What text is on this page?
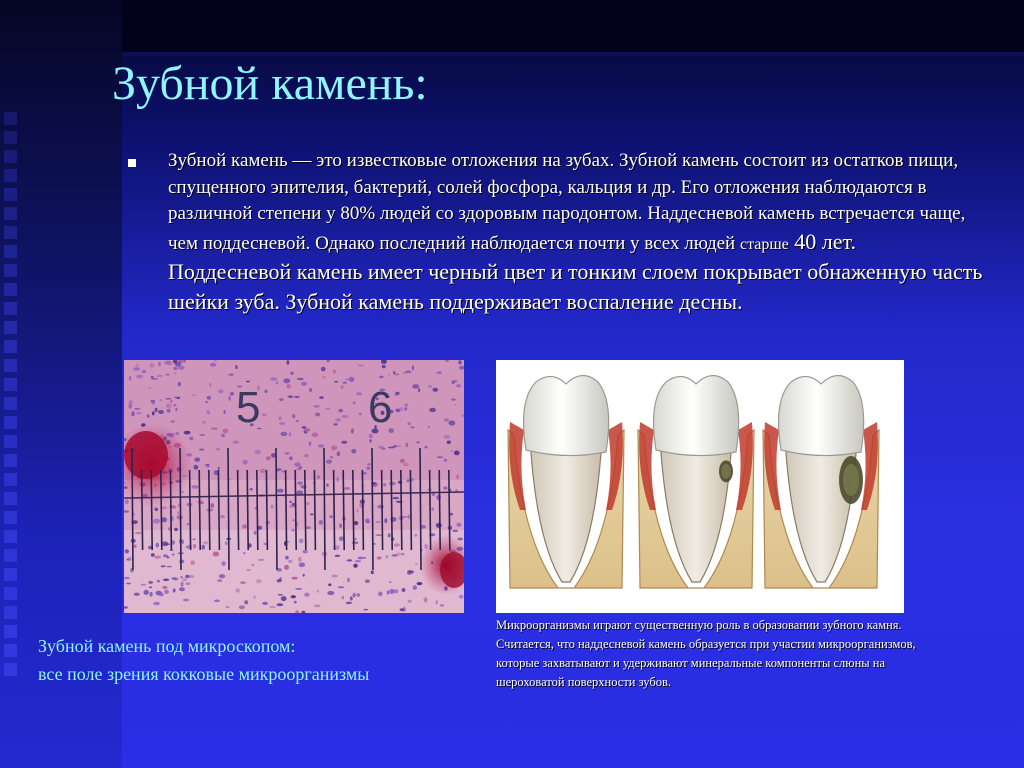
Зубной камень:

Зубной камень — это известковые отложения на зубах. Зубной камень состоит из остатков пищи, спущенного эпителия, бактерий, солей фосфора, кальция и др. Его отложения наблюдаются в различной степени у 80% людей со здоровым пародонтом. Наддесневой камень встречается чаще, чем поддесневой. Однако последний наблюдается почти у всех людей старше 40 лет. Поддесневой камень имеет черный цвет и тонким слоем покрывает обнаженную часть шейки зуба. Зубной камень поддерживает воспаление десны.

5 6

Зубной камень под микроскопом:
все поле зрения кокковые микроорганизмы

Микроорганизмы играют существенную роль в образовании зубного камня.
Считается, что наддесневой камень образуется при участии микроорганизмов,
которые захватывают и удерживают минеральные компоненты слюны на
шероховатой поверхности зубов.
